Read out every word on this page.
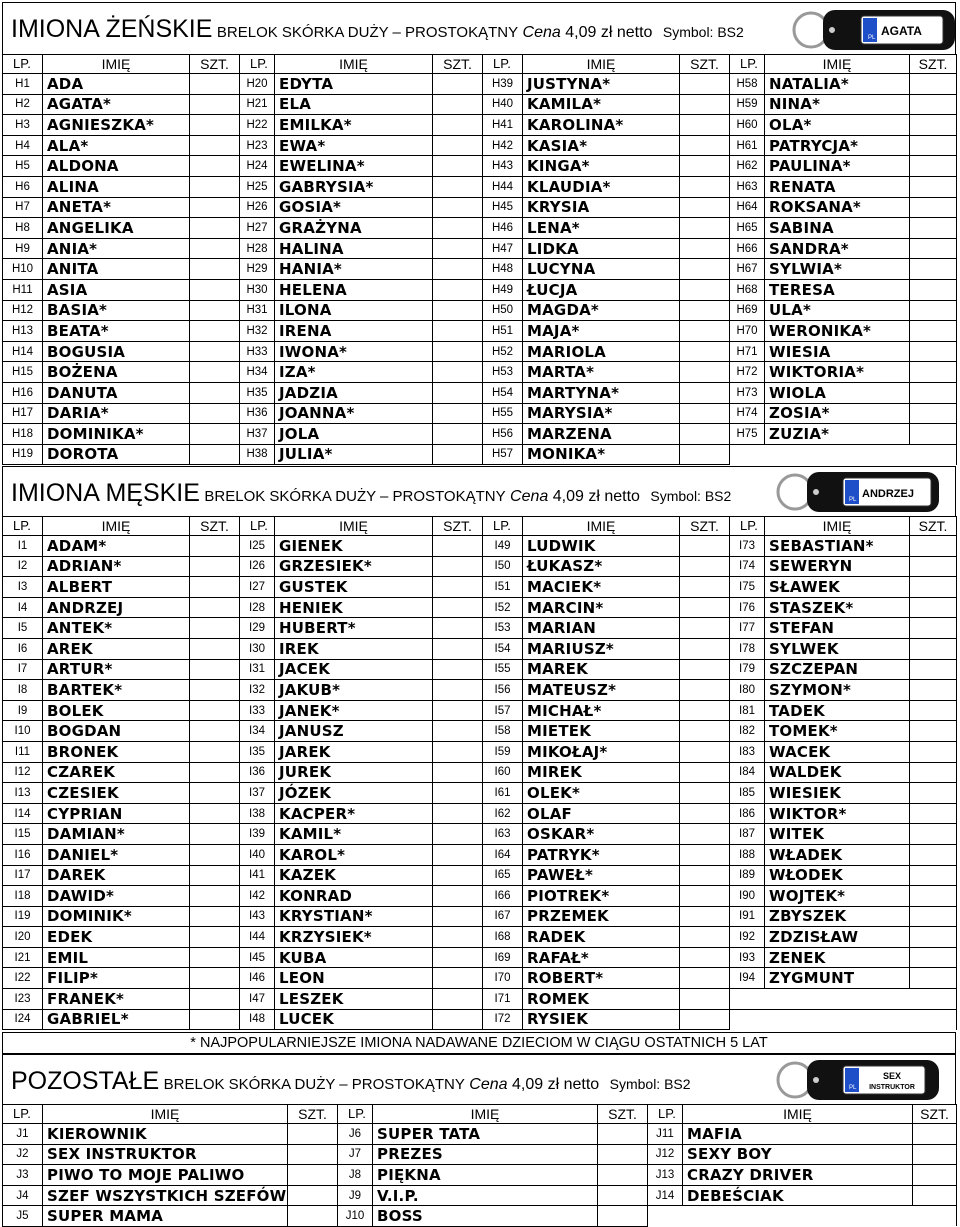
IMIONA ŻEŃSKIE BRELOK SKÓRKA DUŻY – PROSTOKĄTNY Cena 4,09 zł netto Symbol: BS2	PL AGATA
LP.	IMIĘ	SZT.	LP.	IMIĘ	SZT.	LP.	IMIĘ	SZT.	LP.	IMIĘ	SZT.
H1	ADA		H20	EDYTA		H39	JUSTYNA*		H58	NATALIA*	
H2	AGATA*		H21	ELA		H40	KAMILA*		H59	NINA*	
H3	AGNIESZKA*		H22	EMILKA*		H41	KAROLINA*		H60	OLA*	
H4	ALA*		H23	EWA*		H42	KASIA*		H61	PATRYCJA*	
H5	ALDONA		H24	EWELINA*		H43	KINGA*		H62	PAULINA*	
H6	ALINA		H25	GABRYSIA*		H44	KLAUDIA*		H63	RENATA	
H7	ANETA*		H26	GOSIA*		H45	KRYSIA		H64	ROKSANA*	
H8	ANGELIKA		H27	GRAŻYNA		H46	LENA*		H65	SABINA	
H9	ANIA*		H28	HALINA		H47	LIDKA		H66	SANDRA*	
H10	ANITA		H29	HANIA*		H48	LUCYNA		H67	SYLWIA*	
H11	ASIA		H30	HELENA		H49	ŁUCJA		H68	TERESA	
H12	BASIA*		H31	ILONA		H50	MAGDA*		H69	ULA*	
H13	BEATA*		H32	IRENA		H51	MAJA*		H70	WERONIKA*	
H14	BOGUSIA		H33	IWONA*		H52	MARIOLA		H71	WIESIA	
H15	BOŻENA		H34	IZA*		H53	MARTA*		H72	WIKTORIA*	
H16	DANUTA		H35	JADZIA		H54	MARTYNA*		H73	WIOLA	
H17	DARIA*		H36	JOANNA*		H55	MARYSIA*		H74	ZOSIA*	
H18	DOMINIKA*		H37	JOLA		H56	MARZENA		H75	ZUZIA*	
H19	DOROTA		H38	JULIA*		H57	MONIKA*				
IMIONA MĘSKIE BRELOK SKÓRKA DUŻY – PROSTOKĄTNY Cena 4,09 zł netto Symbol: BS2	PL ANDRZEJ
LP.	IMIĘ	SZT.	LP.	IMIĘ	SZT.	LP.	IMIĘ	SZT.	LP.	IMIĘ	SZT.
I1	ADAM*		I25	GIENEK		I49	LUDWIK		I73	SEBASTIAN*	
I2	ADRIAN*		I26	GRZESIEK*		I50	ŁUKASZ*		I74	SEWERYN	
I3	ALBERT		I27	GUSTEK		I51	MACIEK*		I75	SŁAWEK	
I4	ANDRZEJ		I28	HENIEK		I52	MARCIN*		I76	STASZEK*	
I5	ANTEK*		I29	HUBERT*		I53	MARIAN		I77	STEFAN	
I6	AREK		I30	IREK		I54	MARIUSZ*		I78	SYLWEK	
I7	ARTUR*		I31	JACEK		I55	MAREK		I79	SZCZEPAN	
I8	BARTEK*		I32	JAKUB*		I56	MATEUSZ*		I80	SZYMON*	
I9	BOLEK		I33	JANEK*		I57	MICHAŁ*		I81	TADEK	
I10	BOGDAN		I34	JANUSZ		I58	MIETEK		I82	TOMEK*	
I11	BRONEK		I35	JAREK		I59	MIKOŁAJ*		I83	WACEK	
I12	CZAREK		I36	JUREK		I60	MIREK		I84	WALDEK	
I13	CZESIEK		I37	JÓZEK		I61	OLEK*		I85	WIESIEK	
I14	CYPRIAN		I38	KACPER*		I62	OLAF		I86	WIKTOR*	
I15	DAMIAN*		I39	KAMIL*		I63	OSKAR*		I87	WITEK	
I16	DANIEL*		I40	KAROL*		I64	PATRYK*		I88	WŁADEK	
I17	DAREK		I41	KAZEK		I65	PAWEŁ*		I89	WŁODEK	
I18	DAWID*		I42	KONRAD		I66	PIOTREK*		I90	WOJTEK*	
I19	DOMINIK*		I43	KRYSTIAN*		I67	PRZEMEK		I91	ZBYSZEK	
I20	EDEK		I44	KRZYSIEK*		I68	RADEK		I92	ZDZISŁAW	
I21	EMIL		I45	KUBA		I69	RAFAŁ*		I93	ZENEK	
I22	FILIP*		I46	LEON		I70	ROBERT*		I94	ZYGMUNT	
I23	FRANEK*		I47	LESZEK		I71	ROMEK				
I24	GABRIEL*		I48	LUCEK		I72	RYSIEK				
* NAJPOPULARNIEJSZE IMIONA NADAWANE DZIECIOM W CIĄGU OSTATNICH 5 LAT
POZOSTAŁE BRELOK SKÓRKA DUŻY – PROSTOKĄTNY Cena 4,09 zł netto Symbol: BS2	PL
SEX
INSTRUKTOR
LP.	IMIĘ	SZT.	LP.	IMIĘ	SZT.	LP.	IMIĘ	SZT.
J1	KIEROWNIK		J6	SUPER TATA		J11	MAFIA	
J2	SEX INSTRUKTOR		J7	PREZES		J12	SEXY BOY	
J3	PIWO TO MOJE PALIWO		J8	PIĘKNA		J13	CRAZY DRIVER	
J4	SZEF WSZYSTKICH SZEFÓW		J9	V.I.P.		J14	DEBEŚCIAK	
J5	SUPER MAMA		J10	BOSS				
